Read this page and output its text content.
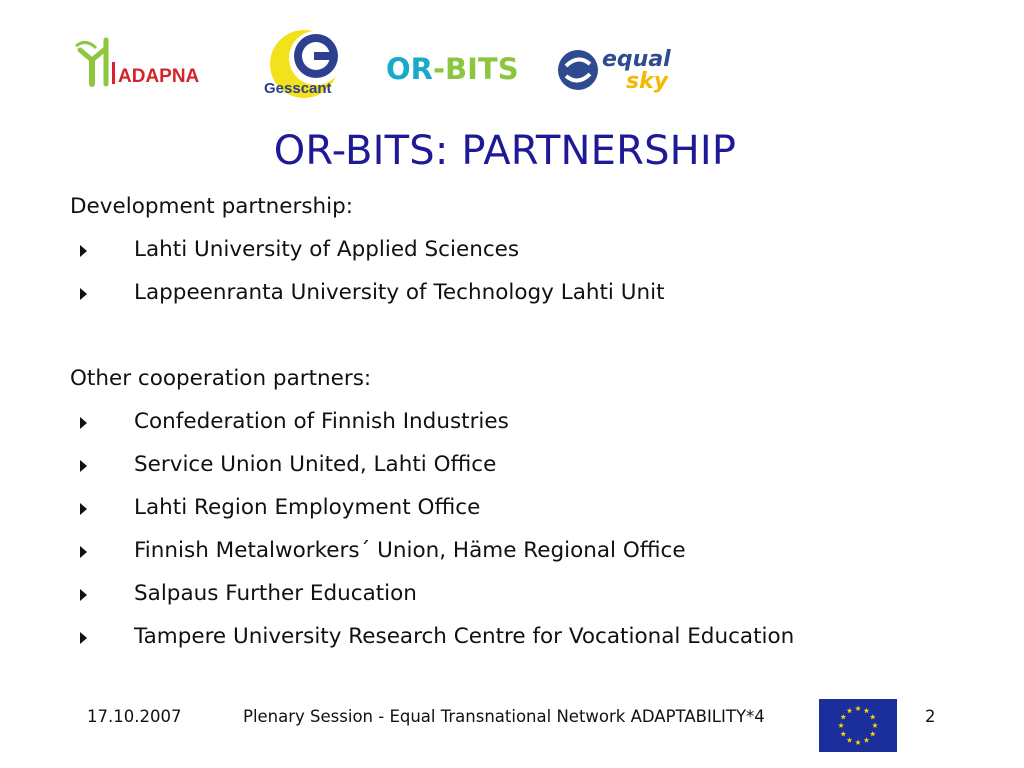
ADAPNA
Gesscant
OR-BITS	equal
sky
OR-BITS: PARTNERSHIP
Development partnership:
Lahti University of Applied Sciences
Lappeenranta University of Technology Lahti Unit
Other cooperation partners:
Confederation of Finnish Industries
Service Union United, Lahti Office
Lahti Region Employment Office
Finnish Metalworkers´ Union, Häme Regional Office
Salpaus Further Education
Tampere University Research Centre for Vocational Education
17.10.2007	Plenary Session - Equal Transnational Network ADAPTABILITY*4	2
